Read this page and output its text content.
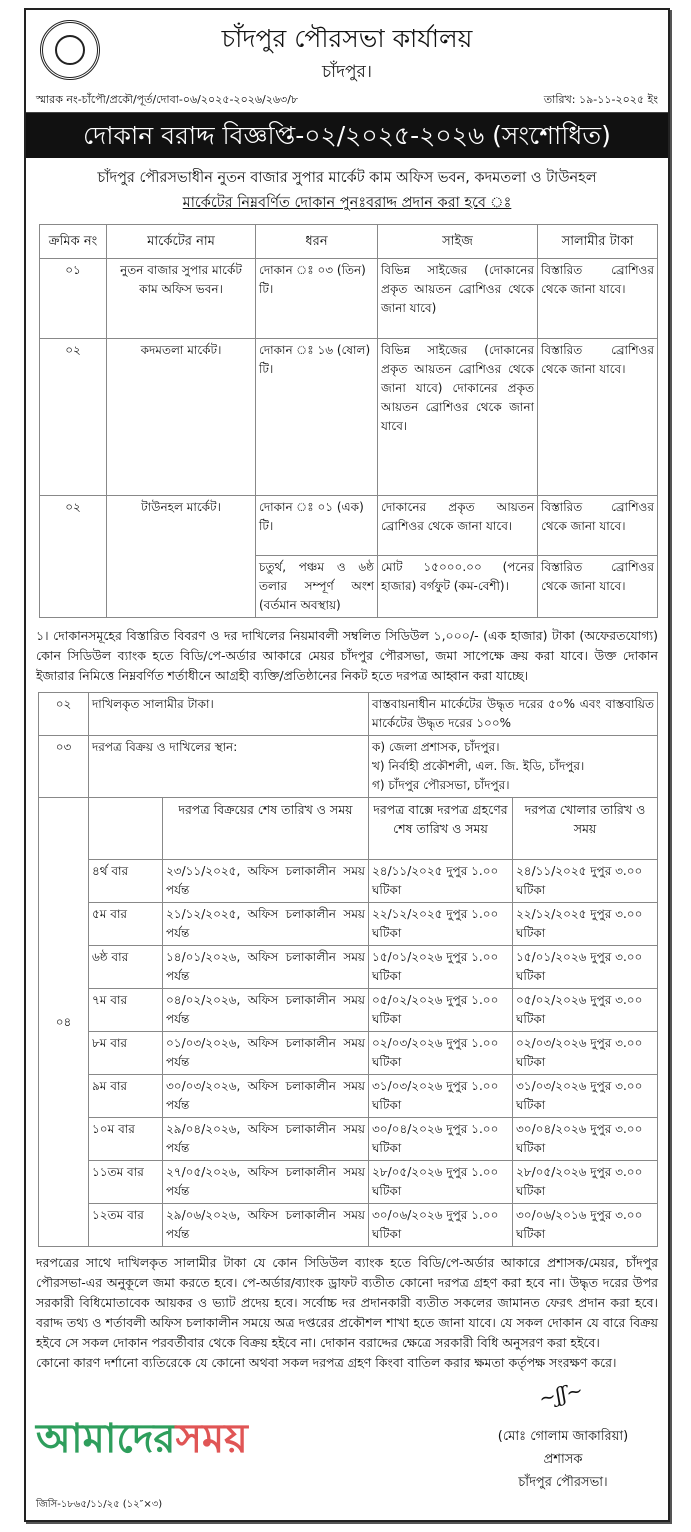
চাঁদপুর পৌরসভা কার্যালয়
চাঁদপুর।
স্মারক নং-চাঁপৌ/প্রকৌ/পূর্ত/দোবা-০৬/২০২৫-২০২৬/২৬৩/৮	তারিখ: ১৯-১১-২০২৫ ইং
দোকান বরাদ্দ বিজ্ঞপ্তি-০২/২০২৫-২০২৬ (সংশোধিত)
চাঁদপুর পৌরসভাধীন নুতন বাজার সুপার মার্কেট কাম অফিস ভবন, কদমতলা ও টাউনহল
মার্কেটের নিম্নবর্ণিত দোকান পুনঃবরাদ্দ প্রদান করা হবে ঃ
ক্রমিক নং	মার্কেটের নাম	ধরন	সাইজ	সালামীর টাকা
০১	নুতন বাজার সুপার মার্কেট কাম অফিস ভবন।	দোকান ঃ ০৩ (তিন) টি।	বিভিন্ন সাইজের (দোকানের প্রকৃত আয়তন ব্রোশিওর থেকে জানা যাবে)	বিস্তারিত ব্রোশিওর থেকে জানা যাবে।
০২	কদমতলা মার্কেট।	দোকান ঃ ১৬ (ষোল) টি।	বিভিন্ন সাইজের (দোকানের প্রকৃত আয়তন ব্রোশিওর থেকে জানা যাবে) দোকানের প্রকৃত আয়তন ব্রোশিওর থেকে জানা যাবে।	বিস্তারিত ব্রোশিওর থেকে জানা যাবে।
০২	টাউনহল মার্কেট।	দোকান ঃ ০১ (এক) টি।	দোকানের প্রকৃত আয়তন ব্রোশিওর থেকে জানা যাবে।	বিস্তারিত ব্রোশিওর থেকে জানা যাবে।
		চতুর্থ, পঞ্চম ও ৬ষ্ঠ তলার সম্পূর্ণ অংশ (বর্তমান অবস্থায়)	মোট ১৫০০০.০০ (পনের হাজার) বর্গফুট (কম-বেশী)।	বিস্তারিত ব্রোশিওর থেকে জানা যাবে।
১। দোকানসমূহের বিস্তারিত বিবরণ ও দর দাখিলের নিয়মাবলী সম্বলিত সিডিউল ১,০০০/- (এক হাজার) টাকা (অফেরতযোগ্য) কোন সিডিউল ব্যাংক হতে বিডি/পে-অর্ডার আকারে মেয়র চাঁদপুর পৌরসভা, জমা সাপেক্ষে ক্রয় করা যাবে। উক্ত দোকান ইজারার নিমিত্তে নিম্নবর্ণিত শর্তাধীনে আগ্রহী ব্যক্তি/প্রতিষ্ঠানের নিকট হতে দরপত্র আহ্বান করা যাচ্ছে।
০২	দাখিলকৃত সালামীর টাকা।		বাস্তবায়নাধীন মার্কেটের উদ্ধৃত দরের ৫০% এবং বাস্তবায়িত মার্কেটের উদ্ধৃত দরের ১০০%	
০৩	দরপত্র বিক্রয় ও দাখিলের স্থান:		ক) জেলা প্রশাসক, চাঁদপুর।
খ) নির্বাহী প্রকৌশলী, এল. জি. ইডি, চাঁদপুর।
গ) চাঁদপুর পৌরসভা, চাঁদপুর।	

০৪		দরপত্র বিক্রয়ের শেষ তারিখ ও সময়	দরপত্র বাক্সে দরপত্র গ্রহণের শেষ তারিখ ও সময়	দরপত্র খোলার তারিখ ও সময়
	৪র্থ বার	২৩/১১/২০২৫, অফিস চলাকালীন সময় পর্যন্ত	২৪/১১/২০২৫ দুপুর ১.০০ ঘটিকা	২৪/১১/২০২৫ দুপুর ৩.০০ ঘটিকা
	৫ম বার	২১/১২/২০২৫, অফিস চলাকালীন সময় পর্যন্ত	২২/১২/২০২৫ দুপুর ১.০০ ঘটিকা	২২/১২/২০২৫ দুপুর ৩.০০ ঘটিকা
	৬ষ্ঠ বার	১৪/০১/২০২৬, অফিস চলাকালীন সময় পর্যন্ত	১৫/০১/২০২৬ দুপুর ১.০০ ঘটিকা	১৫/০১/২০২৬ দুপুর ৩.০০ ঘটিকা
	৭ম বার	০৪/০২/২০২৬, অফিস চলাকালীন সময় পর্যন্ত	০৫/০২/২০২৬ দুপুর ১.০০ ঘটিকা	০৫/০২/২০২৬ দুপুর ৩.০০ ঘটিকা
	৮ম বার	০১/০৩/২০২৬, অফিস চলাকালীন সময় পর্যন্ত	০২/০৩/২০২৬ দুপুর ১.০০ ঘটিকা	০২/০৩/২০২৬ দুপুর ৩.০০ ঘটিকা
	৯ম বার	৩০/০৩/২০২৬, অফিস চলাকালীন সময় পর্যন্ত	৩১/০৩/২০২৬ দুপুর ১.০০ ঘটিকা	৩১/০৩/২০২৬ দুপুর ৩.০০ ঘটিকা
	১০ম বার	২৯/০৪/২০২৬, অফিস চলাকালীন সময় পর্যন্ত	৩০/০৪/২০২৬ দুপুর ১.০০ ঘটিকা	৩০/০৪/২০২৬ দুপুর ৩.০০ ঘটিকা
	১১তম বার	২৭/০৫/২০২৬, অফিস চলাকালীন সময় পর্যন্ত	২৮/০৫/২০২৬ দুপুর ১.০০ ঘটিকা	২৮/০৫/২০২৬ দুপুর ৩.০০ ঘটিকা
	১২তম বার	২৯/০৬/২০২৬, অফিস চলাকালীন সময় পর্যন্ত	৩০/০৬/২০২৬ দুপুর ১.০০ ঘটিকা	৩০/০৬/২০১৬ দুপুর ৩.০০ ঘটিকা
দরপত্রের সাথে দাখিলকৃত সালামীর টাকা যে কোন সিডিউল ব্যাংক হতে বিডি/পে-অর্ডার আকারে প্রশাসক/মেয়র, চাঁদপুর পৌরসভা-এর অনুকূলে জমা করতে হবে। পে-অর্ডার/ব্যাংক ড্রাফট ব্যতীত কোনো দরপত্র গ্রহণ করা হবে না। উদ্ধৃত দরের উপর সরকারী বিধিমোতাবেক আয়কর ও ভ্যাট প্রদেয় হবে। সর্বোচ্চ দর প্রদানকারী ব্যতীত সকলের জামানত ফেরৎ প্রদান করা হবে। বরাদ্দ তথ্য ও শর্তাবলী অফিস চলাকালীন সময়ে অত্র দপ্তরের প্রকৌশল শাখা হতে জানা যাবে। যে সকল দোকান যে বারে বিক্রয় হইবে সে সকল দোকান পরবর্তীবার থেকে বিক্রয় হইবে না। দোকান বরাদ্দের ক্ষেত্রে সরকারী বিধি অনুসরণ করা হইবে।
কোনো কারণ দর্শানো ব্যতিরেকে যে কোনো অথবা সকল দরপত্র গ্রহণ কিংবা বাতিল করার ক্ষমতা কর্তৃপক্ষ সংরক্ষণ করে।
আমাদেরসময়
~ʃʃ~
(মোঃ গোলাম জাকারিয়া)
প্রশাসক
চাঁদপুর পৌরসভা।
জিসি-১৮৬৫/১১/২৫ (১২″×৩)
